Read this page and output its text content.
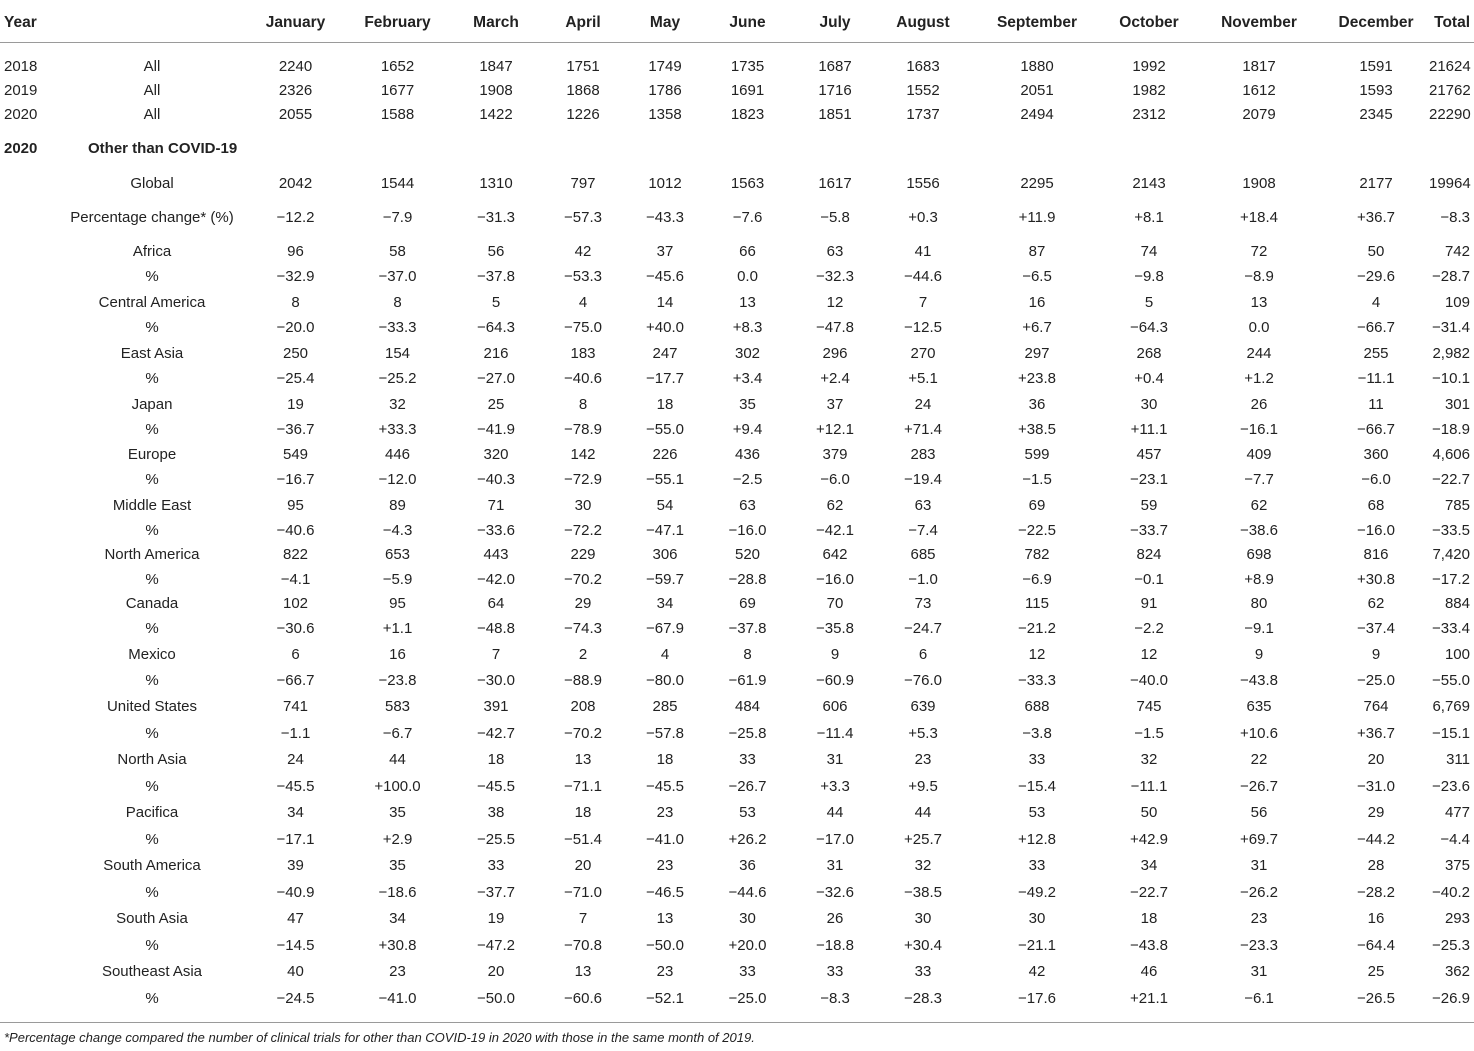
Year		January	February	March	April	May	June	July	August	September	October	November	December	Total

2018	All	2240	1652	1847	1751	1749	1735	1687	1683	1880	1992	1817	1591	21624
2019	All	2326	1677	1908	1868	1786	1691	1716	1552	2051	1982	1612	1593	21762
2020	All	2055	1588	1422	1226	1358	1823	1851	1737	2494	2312	2079	2345	22290
2020	Other than COVID-19													
	Global	2042	1544	1310	797	1012	1563	1617	1556	2295	2143	1908	2177	19964
	Percentage change* (%)	−12.2	−7.9	−31.3	−57.3	−43.3	−7.6	−5.8	+0.3	+11.9	+8.1	+18.4	+36.7	−8.3
	Africa	96	58	56	42	37	66	63	41	87	74	72	50	742
	%	−32.9	−37.0	−37.8	−53.3	−45.6	0.0	−32.3	−44.6	−6.5	−9.8	−8.9	−29.6	−28.7
	Central America	8	8	5	4	14	13	12	7	16	5	13	4	109
	%	−20.0	−33.3	−64.3	−75.0	+40.0	+8.3	−47.8	−12.5	+6.7	−64.3	0.0	−66.7	−31.4
	East Asia	250	154	216	183	247	302	296	270	297	268	244	255	2,982
	%	−25.4	−25.2	−27.0	−40.6	−17.7	+3.4	+2.4	+5.1	+23.8	+0.4	+1.2	−11.1	−10.1
	Japan	19	32	25	8	18	35	37	24	36	30	26	11	301
	%	−36.7	+33.3	−41.9	−78.9	−55.0	+9.4	+12.1	+71.4	+38.5	+11.1	−16.1	−66.7	−18.9
	Europe	549	446	320	142	226	436	379	283	599	457	409	360	4,606
	%	−16.7	−12.0	−40.3	−72.9	−55.1	−2.5	−6.0	−19.4	−1.5	−23.1	−7.7	−6.0	−22.7
	Middle East	95	89	71	30	54	63	62	63	69	59	62	68	785
	%	−40.6	−4.3	−33.6	−72.2	−47.1	−16.0	−42.1	−7.4	−22.5	−33.7	−38.6	−16.0	−33.5
	North America	822	653	443	229	306	520	642	685	782	824	698	816	7,420
	%	−4.1	−5.9	−42.0	−70.2	−59.7	−28.8	−16.0	−1.0	−6.9	−0.1	+8.9	+30.8	−17.2
	Canada	102	95	64	29	34	69	70	73	115	91	80	62	884
	%	−30.6	+1.1	−48.8	−74.3	−67.9	−37.8	−35.8	−24.7	−21.2	−2.2	−9.1	−37.4	−33.4
	Mexico	6	16	7	2	4	8	9	6	12	12	9	9	100
	%	−66.7	−23.8	−30.0	−88.9	−80.0	−61.9	−60.9	−76.0	−33.3	−40.0	−43.8	−25.0	−55.0
	United States	741	583	391	208	285	484	606	639	688	745	635	764	6,769
	%	−1.1	−6.7	−42.7	−70.2	−57.8	−25.8	−11.4	+5.3	−3.8	−1.5	+10.6	+36.7	−15.1
	North Asia	24	44	18	13	18	33	31	23	33	32	22	20	311
	%	−45.5	+100.0	−45.5	−71.1	−45.5	−26.7	+3.3	+9.5	−15.4	−11.1	−26.7	−31.0	−23.6
	Pacifica	34	35	38	18	23	53	44	44	53	50	56	29	477
	%	−17.1	+2.9	−25.5	−51.4	−41.0	+26.2	−17.0	+25.7	+12.8	+42.9	+69.7	−44.2	−4.4
	South America	39	35	33	20	23	36	31	32	33	34	31	28	375
	%	−40.9	−18.6	−37.7	−71.0	−46.5	−44.6	−32.6	−38.5	−49.2	−22.7	−26.2	−28.2	−40.2
	South Asia	47	34	19	7	13	30	26	30	30	18	23	16	293
	%	−14.5	+30.8	−47.2	−70.8	−50.0	+20.0	−18.8	+30.4	−21.1	−43.8	−23.3	−64.4	−25.3
	Southeast Asia	40	23	20	13	23	33	33	33	42	46	31	25	362
	%	−24.5	−41.0	−50.0	−60.6	−52.1	−25.0	−8.3	−28.3	−17.6	+21.1	−6.1	−26.5	−26.9
*Percentage change compared the number of clinical trials for other than COVID-19 in 2020 with those in the same month of 2019.
